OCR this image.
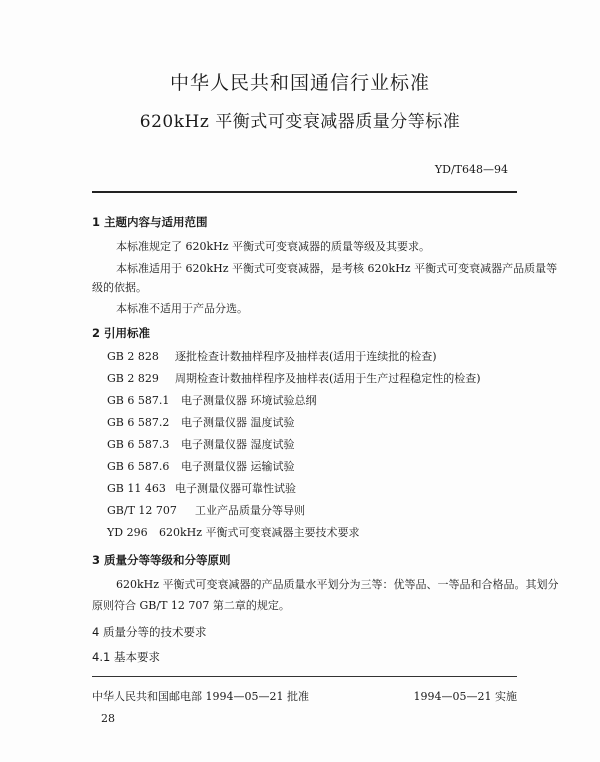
中华人民共和国通信行业标准
620kHz 平衡式可变衰减器质量分等标准
YD/T648—94
1 主题内容与适用范围
本标准规定了 620kHz 平衡式可变衰减器的质量等级及其要求。
本标准适用于 620kHz 平衡式可变衰减器，是考核 620kHz 平衡式可变衰减器产品质量等
级的依据。
本标准不适用于产品分选。
2 引用标准
GB 2 828 逐批检查计数抽样程序及抽样表(适用于连续批的检查)
GB 2 829 周期检查计数抽样程序及抽样表(适用于生产过程稳定性的检查)
GB 6 587.1 电子测量仪器 环境试验总纲
GB 6 587.2 电子测量仪器 温度试验
GB 6 587.3 电子测量仪器 湿度试验
GB 6 587.6 电子测量仪器 运输试验
GB 11 463 电子测量仪器可靠性试验
GB/T 12 707 工业产品质量分等导则
YD 296 620kHz 平衡式可变衰减器主要技术要求
3 质量分等等级和分等原则
620kHz 平衡式可变衰减器的产品质量水平划分为三等：优等品、一等品和合格品。其划分
原则符合 GB/T 12 707 第二章的规定。
4 质量分等的技术要求
4.1 基本要求
中华人民共和国邮电部 1994—05—21 批准	1994—05—21 实施
28
